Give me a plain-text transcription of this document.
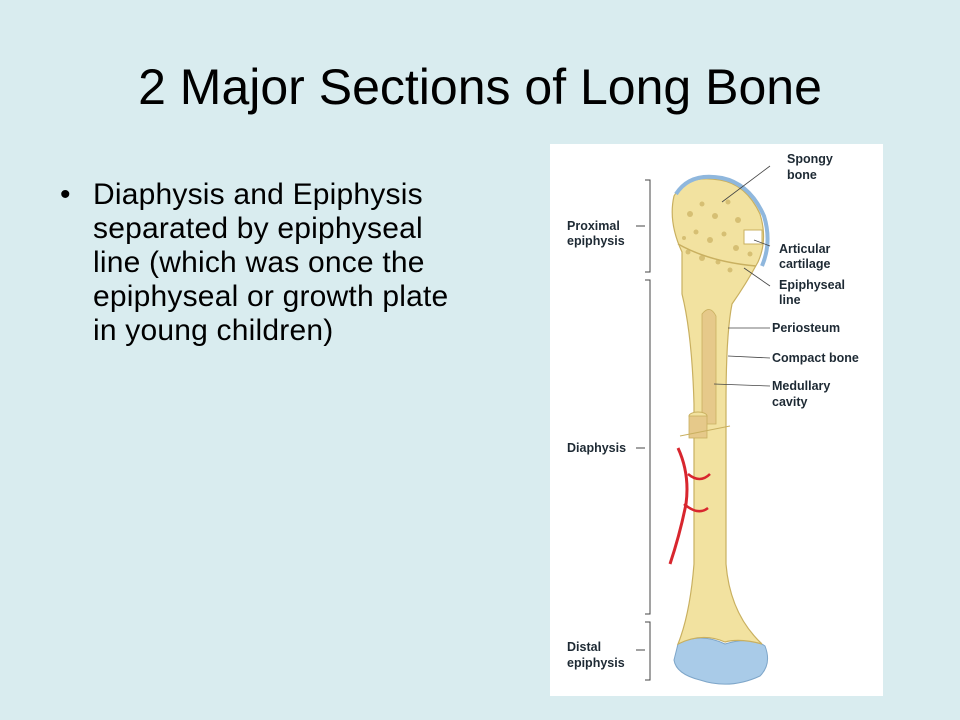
2 Major Sections of Long Bone
• Diaphysis and Epiphysis separated by epiphyseal line (which was once the epiphyseal or growth plate in young children)
Spongy
bone
Proximal
epiphysis
Articular
cartilage
Epiphyseal
line
Periosteum
Compact bone
Medullary
cavity
Diaphysis
Distal
epiphysis
